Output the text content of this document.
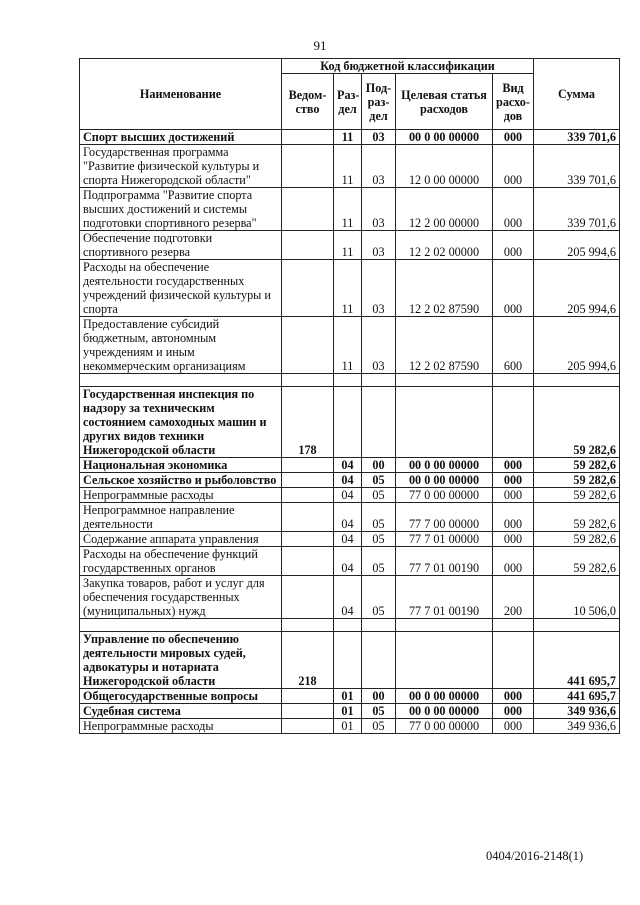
91
Наименование	Код бюджетной классификации					Сумма
	Ведом-ство	Раз-дел	Под-раз-дел	Целевая статья расходов	Вид расхо-дов	
Спорт высших достижений		11	03	00 0 00 00000	000	339 701,6
Государственная программа "Развитие физической культуры и спорта Нижегородской области"		11	03	12 0 00 00000	000	339 701,6
Подпрограмма "Развитие спорта высших достижений и системы подготовки спортивного резерва"		11	03	12 2 00 00000	000	339 701,6
Обеспечение подготовки спортивного резерва		11	03	12 2 02 00000	000	205 994,6
Расходы на обеспечение деятельности государственных учреждений физической культуры и спорта		11	03	12 2 02 87590	000	205 994,6
Предоставление субсидий бюджетным, автономным учреждениям и иным некоммерческим организациям		11	03	12 2 02 87590	600	205 994,6

Государственная инспекция по надзору за техническим состоянием самоходных машин и других видов техники Нижегородской области	178					59 282,6
Национальная экономика		04	00	00 0 00 00000	000	59 282,6
Сельское хозяйство и рыболовство		04	05	00 0 00 00000	000	59 282,6
Непрограммные расходы		04	05	77 0 00 00000	000	59 282,6
Непрограммное направление деятельности		04	05	77 7 00 00000	000	59 282,6
Содержание аппарата управления		04	05	77 7 01 00000	000	59 282,6
Расходы на обеспечение функций государственных органов		04	05	77 7 01 00190	000	59 282,6
Закупка товаров, работ и услуг для обеспечения государственных (муниципальных) нужд		04	05	77 7 01 00190	200	10 506,0

Управление по обеспечению деятельности мировых судей, адвокатуры и нотариата Нижегородской области	218					441 695,7
Общегосударственные вопросы		01	00	00 0 00 00000	000	441 695,7
Судебная система		01	05	00 0 00 00000	000	349 936,6
Непрограммные расходы		01	05	77 0 00 00000	000	349 936,6
0404/2016-2148(1)
